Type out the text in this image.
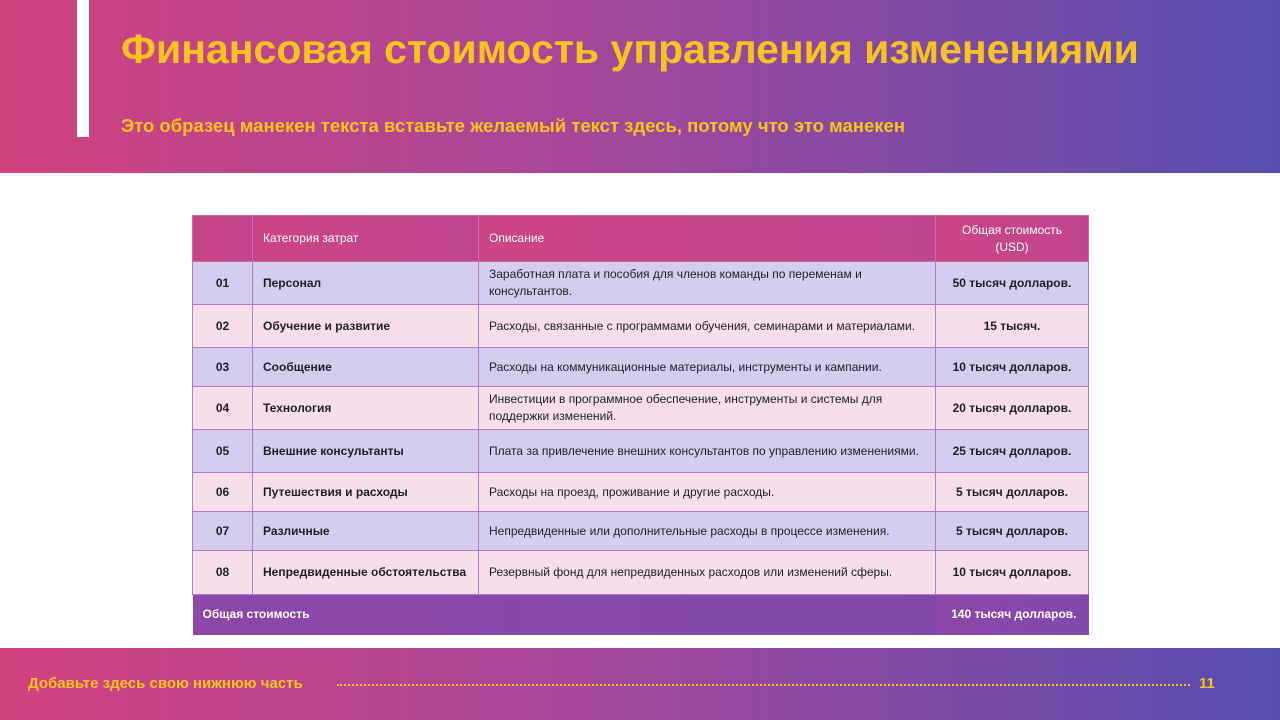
Финансовая стоимость управления изменениями
Это образец манекен текста вставьте желаемый текст здесь, потому что это манекен
	Категория затрат	Описание	Общая стоимость (USD)
01	Персонал	Заработная плата и пособия для членов команды по переменам и консультантов.	50 тысяч долларов.
02	Обучение и развитие	Расходы, связанные с программами обучения, семинарами и материалами.	15 тысяч.
03	Сообщение	Расходы на коммуникационные материалы, инструменты и кампании.	10 тысяч долларов.
04	Технология	Инвестиции в программное обеспечение, инструменты и системы для поддержки изменений.	20 тысяч долларов.
05	Внешние консультанты	Плата за привлечение внешних консультантов по управлению изменениями.	25 тысяч долларов.
06	Путешествия и расходы	Расходы на проезд, проживание и другие расходы.	5 тысяч долларов.
07	Различные	Непредвиденные или дополнительные расходы в процессе изменения.	5 тысяч долларов.
08	Непредвиденные обстоятельства	Резервный фонд для непредвиденных расходов или изменений сферы.	10 тысяч долларов.
Общая стоимость			140 тысяч долларов.
Добавьте здесь свою нижнюю часть	11
